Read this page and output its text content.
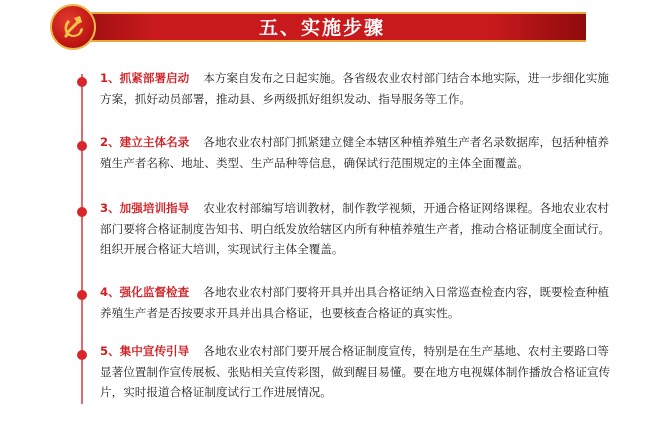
五、实施步骤
1、抓紧部署启动 本方案自发布之日起实施。各省级农业农村部门结合本地实际，进一步细化实施方案，抓好动员部署，推动县、乡两级抓好组织发动、指导服务等工作。
2、建立主体名录 各地农业农村部门抓紧建立健全本辖区种植养殖生产者名录数据库，包括种植养殖生产者名称、地址、类型、生产品种等信息，确保试行范围规定的主体全面覆盖。
3、加强培训指导 农业农村部编写培训教材，制作教学视频，开通合格证网络课程。各地农业农村部门要将合格证制度告知书、明白纸发放给辖区内所有种植养殖生产者，推动合格证制度全面试行。组织开展合格证大培训，实现试行主体全覆盖。
4、强化监督检查 各地农业农村部门要将开具并出具合格证纳入日常巡查检查内容，既要检查种植养殖生产者是否按要求开具并出具合格证，也要核查合格证的真实性。
5、集中宣传引导 各地农业农村部门要开展合格证制度宣传，特别是在生产基地、农村主要路口等显著位置制作宣传展板、张贴相关宣传彩图，做到醒目易懂。要在地方电视媒体制作播放合格证宣传片，实时报道合格证制度试行工作进展情况。
